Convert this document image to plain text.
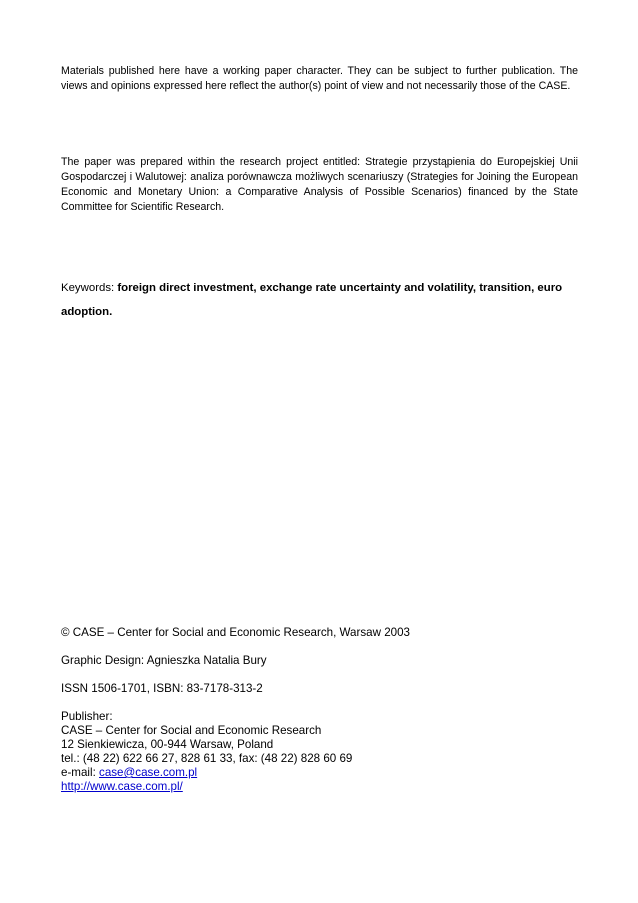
Materials published here have a working paper character. They can be subject to further publication. The views and opinions expressed here reflect the author(s) point of view and not necessarily those of the CASE.

The paper was prepared within the research project entitled: Strategie przystąpienia do Europejskiej Unii Gospodarczej i Walutowej: analiza porównawcza możliwych scenariuszy (Strategies for Joining the European Economic and Monetary Union: a Comparative Analysis of Possible Scenarios) financed by the State Committee for Scientific Research.

Keywords: foreign direct investment, exchange rate uncertainty and volatility, transition, euro adoption.

© CASE – Center for Social and Economic Research, Warsaw 2003

Graphic Design: Agnieszka Natalia Bury

ISSN 1506-1701, ISBN: 83-7178-313-2

Publisher:

CASE – Center for Social and Economic Research

12 Sienkiewicza, 00-944 Warsaw, Poland

tel.: (48 22) 622 66 27, 828 61 33, fax: (48 22) 828 60 69

e-mail: case@case.com.pl

http://www.case.com.pl/
